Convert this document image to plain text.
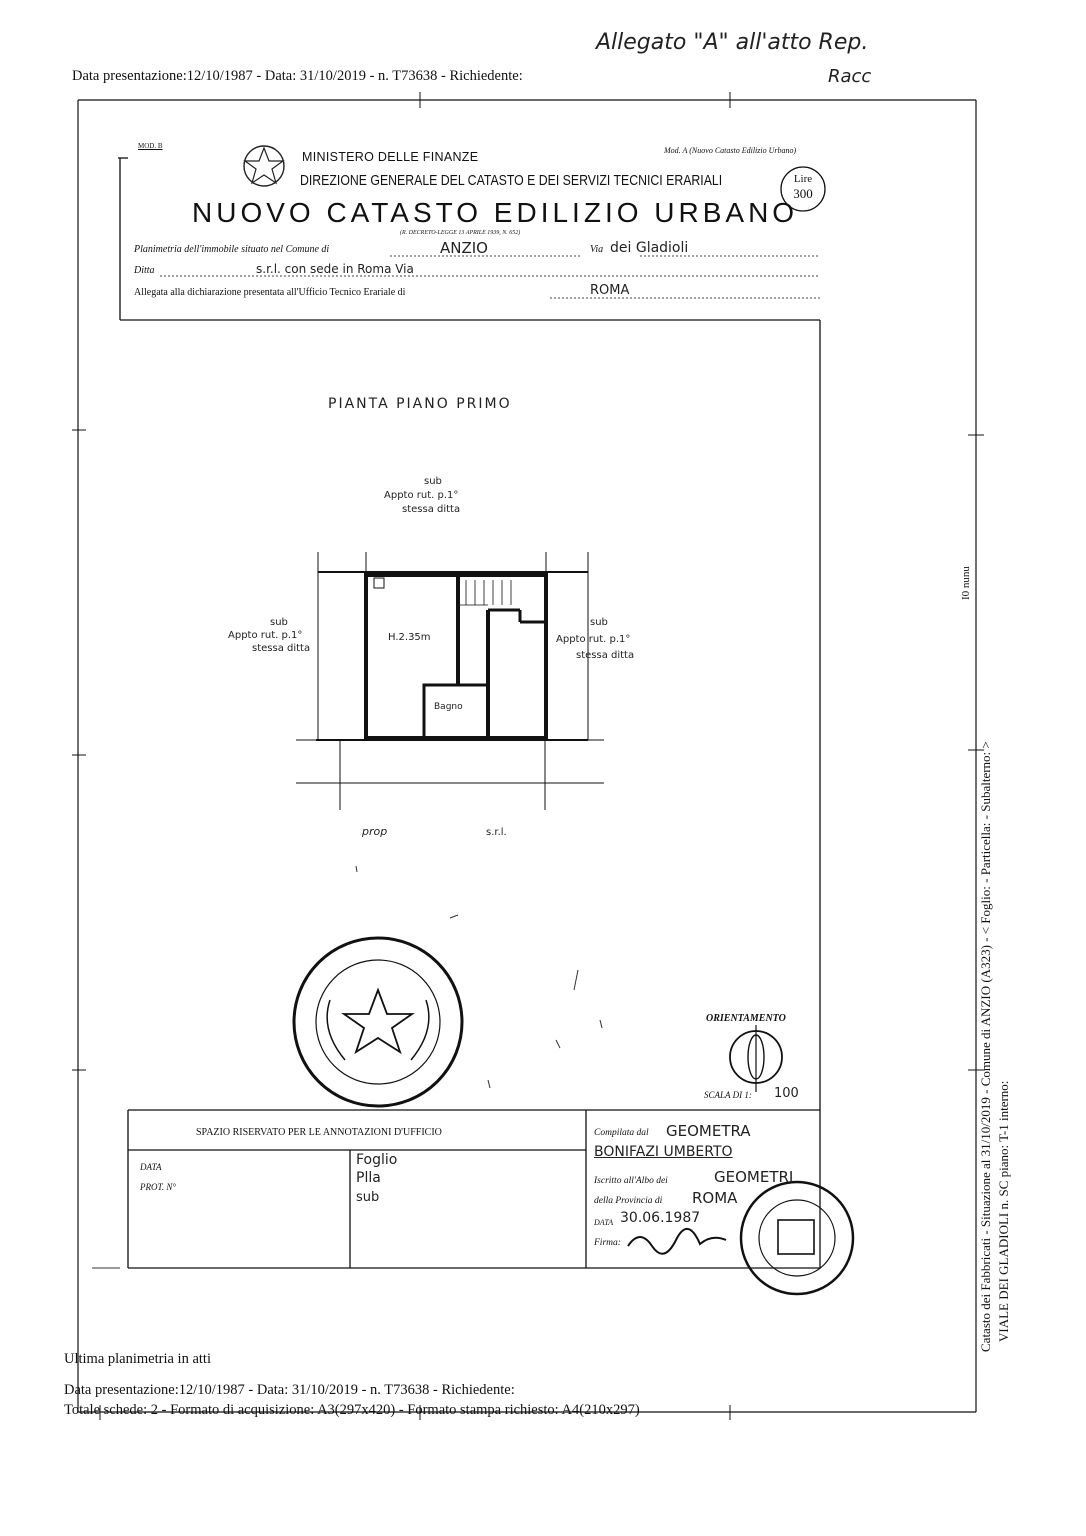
Allegato "A" all'atto Rep.
Racc
Data presentazione:12/10/1987 - Data: 31/10/2019 - n. T73638 - Richiedente:
MOD. B
MINISTERO DELLE FINANZE	Mod. A (Nuovo Catasto Edilizio Urbano)
DIREZIONE GENERALE DEL CATASTO E DEI SERVIZI TECNICI ERARIALI	Lire
300
NUOVO CATASTO EDILIZIO URBANO
(R. DECRETO-LEGGE 13 APRILE 1939, N. 652)
Planimetria dell'immobile situato nel Comune di	ANZIO	Via dei Gladioli
Ditta	s.r.l. con sede in Roma Via
Allegata alla dichiarazione presentata all'Ufficio Tecnico Erariale di	ROMA
PIANTA PIANO PRIMO
sub
Appto rut. p.1°
stessa ditta
sub
Appto rut. p.1°
stessa ditta
sub
Appto rut. p.1°
stessa ditta
H.2.35m
Bagno
prop	s.r.l.
ORIENTAMENTO
SCALA DI 1: 100
SPAZIO RISERVATO PER LE ANNOTAZIONI D'UFFICIO
DATA
PROT. N°
Foglio
Plla
sub
Compilata dal GEOMETRA
BONIFAZI UMBERTO
Iscritto all'Albo dei	GEOMETRI
della Provincia di ROMA
DATA 30.06.1987
Firma:	Catasto dei Fabbricati - Situazione al 31/10/2019 - Comune di ANZIO (A323) - < Foglio: - Particella: - Subalterno: > VIALE DEI GLADIOLI n. SC piano: T-1 interno:
I0 nunu
Ultima planimetria in atti
Data presentazione:12/10/1987 - Data: 31/10/2019 - n. T73638 - Richiedente:
Totale schede: 2 - Formato di acquisizione: A3(297x420) - Formato stampa richiesto: A4(210x297)
